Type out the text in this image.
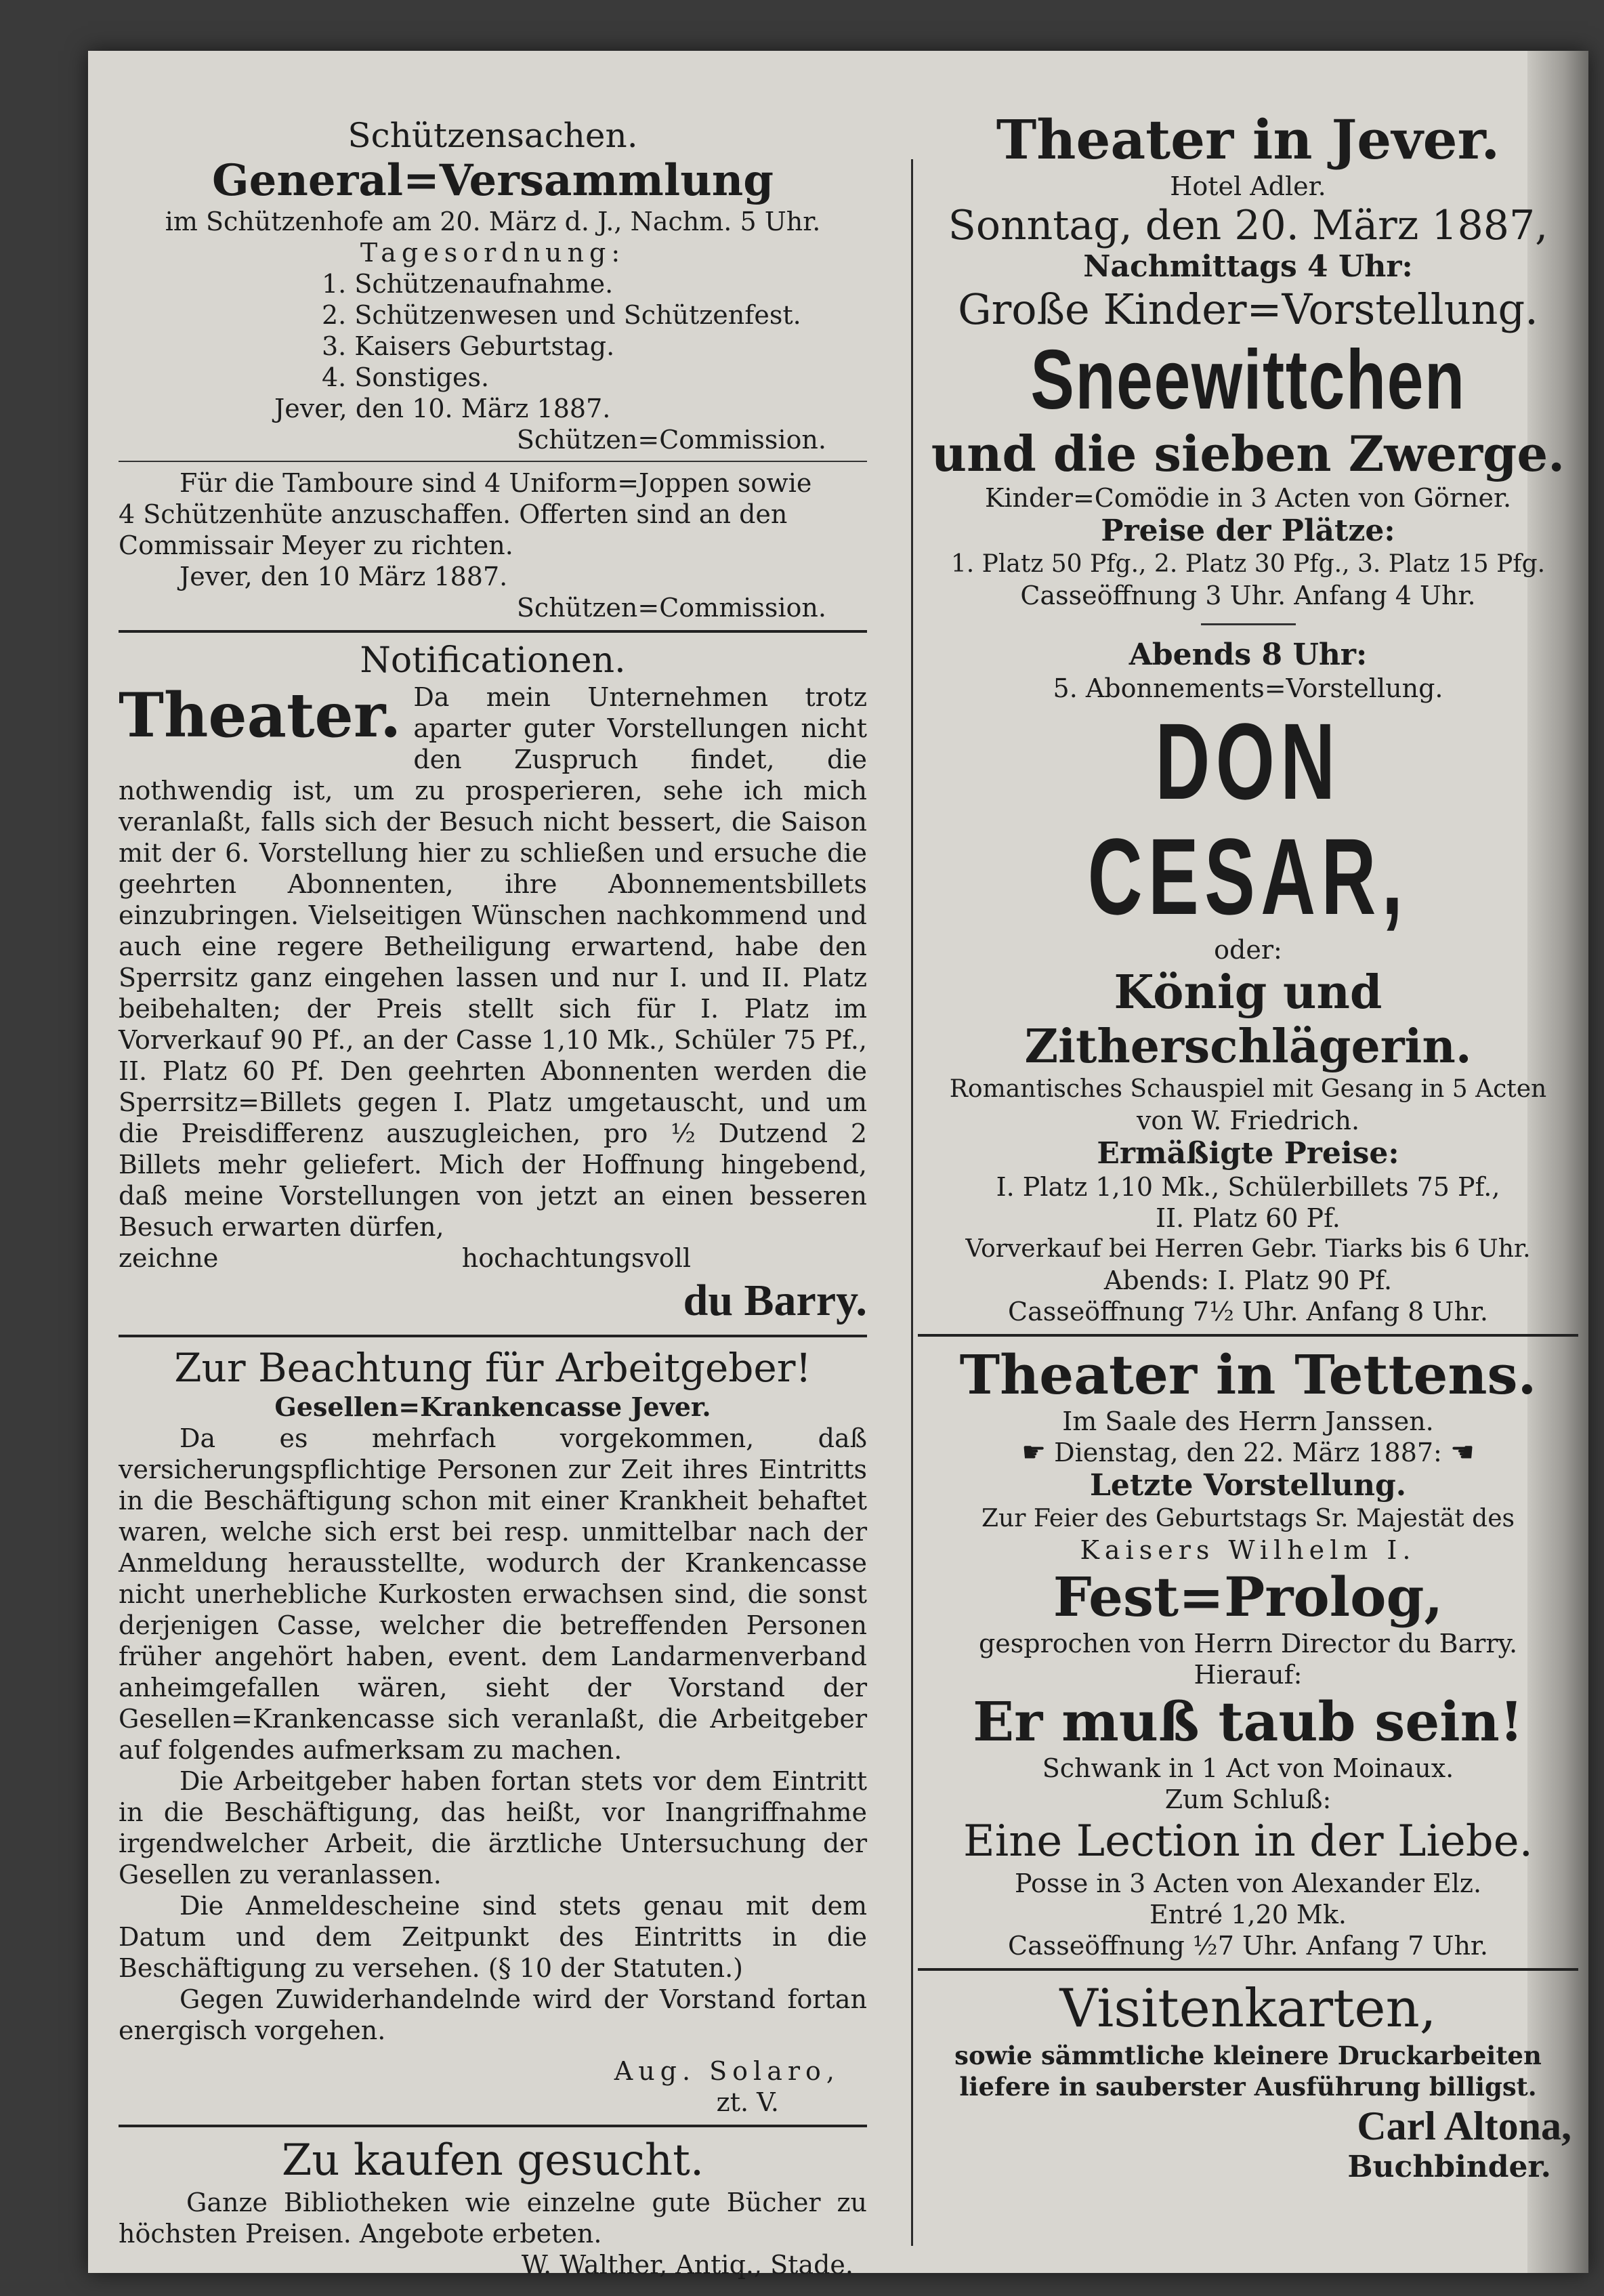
Schützensachen.
General=Versammlung
im Schützenhofe am 20. März d. J., Nachm. 5 Uhr.
Tagesordnung:
1. Schützenaufnahme.
2. Schützenwesen und Schützenfest.
3. Kaisers Geburtstag.
4. Sonstiges.
Jever, den 10. März 1887.
Schützen=Commission.
Für die Tamboure sind 4 Uniform=Joppen sowie
4 Schützenhüte anzuschaffen. Offerten sind an den
Commissair Meyer zu richten.
Jever, den 10 März 1887.
Schützen=Commission.
Notificationen.
Theater. Da mein Unternehmen trotz aparter guter Vorstellungen nicht den Zuspruch findet, die nothwendig ist, um zu prosperieren, sehe ich mich veranlaßt, falls sich der Besuch nicht bessert, die Saison mit der 6. Vorstellung hier zu schließen und ersuche die geehrten Abonnenten, ihre Abonnementsbillets einzubringen. Vielseitigen Wünschen nachkommend und auch eine regere Betheiligung erwartend, habe den Sperrsitz ganz eingehen lassen und nur I. und II. Platz beibehalten; der Preis stellt sich für I. Platz im Vorverkauf 90 Pf., an der Casse 1,10 Mk., Schüler 75 Pf., II. Platz 60 Pf. Den geehrten Abonnenten werden die Sperrsitz=Billets gegen I. Platz umgetauscht, und um die Preisdifferenz auszugleichen, pro ½ Dutzend 2 Billets mehr geliefert. Mich der Hoffnung hingebend, daß meine Vorstellungen von jetzt an einen besseren Besuch erwarten dürfen,
zeichne	hochachtungsvoll
du Barry.
Zur Beachtung für Arbeitgeber!
Gesellen=Krankencasse Jever.
Da es mehrfach vorgekommen, daß versicherungspflichtige Personen zur Zeit ihres Eintritts in die Beschäftigung schon mit einer Krankheit behaftet waren, welche sich erst bei resp. unmittelbar nach der Anmeldung herausstellte, wodurch der Krankencasse nicht unerhebliche Kurkosten erwachsen sind, die sonst derjenigen Casse, welcher die betreffenden Personen früher angehört haben, event. dem Landarmenverband anheimgefallen wären, sieht der Vorstand der Gesellen=Krankencasse sich veranlaßt, die Arbeitgeber auf folgendes aufmerksam zu machen.
Die Arbeitgeber haben fortan stets vor dem Eintritt in die Beschäftigung, das heißt, vor Inangriffnahme irgendwelcher Arbeit, die ärztliche Untersuchung der Gesellen zu veranlassen.
Die Anmeldescheine sind stets genau mit dem Datum und dem Zeitpunkt des Eintritts in die Beschäftigung zu versehen. (§ 10 der Statuten.)
Gegen Zuwiderhandelnde wird der Vorstand fortan energisch vorgehen.
Aug. Solaro,
zt. V.
Zu kaufen gesucht.
Ganze Bibliotheken wie einzelne gute Bücher zu höchsten Preisen. Angebote erbeten.
W. Walther, Antiq., Stade.
Theater in Jever.
Hotel Adler.
Sonntag, den 20. März 1887,
Nachmittags 4 Uhr:
Große Kinder=Vorstellung.
Sneewittchen
und die sieben Zwerge.
Kinder=Comödie in 3 Acten von Görner.
Preise der Plätze:
1. Platz 50 Pfg., 2. Platz 30 Pfg., 3. Platz 15 Pfg.
Casseöffnung 3 Uhr. Anfang 4 Uhr.
Abends 8 Uhr:
5. Abonnements=Vorstellung.
DON CESAR,
oder:
König und Zitherschlägerin.
Romantisches Schauspiel mit Gesang in 5 Acten
von W. Friedrich.
Ermäßigte Preise:
I. Platz 1,10 Mk., Schülerbillets 75 Pf.,
II. Platz 60 Pf.
Vorverkauf bei Herren Gebr. Tiarks bis 6 Uhr.
Abends: I. Platz 90 Pf.
Casseöffnung 7½ Uhr. Anfang 8 Uhr.
Theater in Tettens.
Im Saale des Herrn Janssen.
☛ Dienstag, den 22. März 1887: ☚
Letzte Vorstellung.
Zur Feier des Geburtstags Sr. Majestät des
Kaisers Wilhelm I.
Fest=Prolog,
gesprochen von Herrn Director du Barry.
Hierauf:
Er muß taub sein!
Schwank in 1 Act von Moinaux.
Zum Schluß:
Eine Lection in der Liebe.
Posse in 3 Acten von Alexander Elz.
Entré 1,20 Mk.
Casseöffnung ½7 Uhr. Anfang 7 Uhr.
Visitenkarten,
sowie sämmtliche kleinere Druckarbeiten
liefere in sauberster Ausführung billigst.
Carl Altona,
Buchbinder.
